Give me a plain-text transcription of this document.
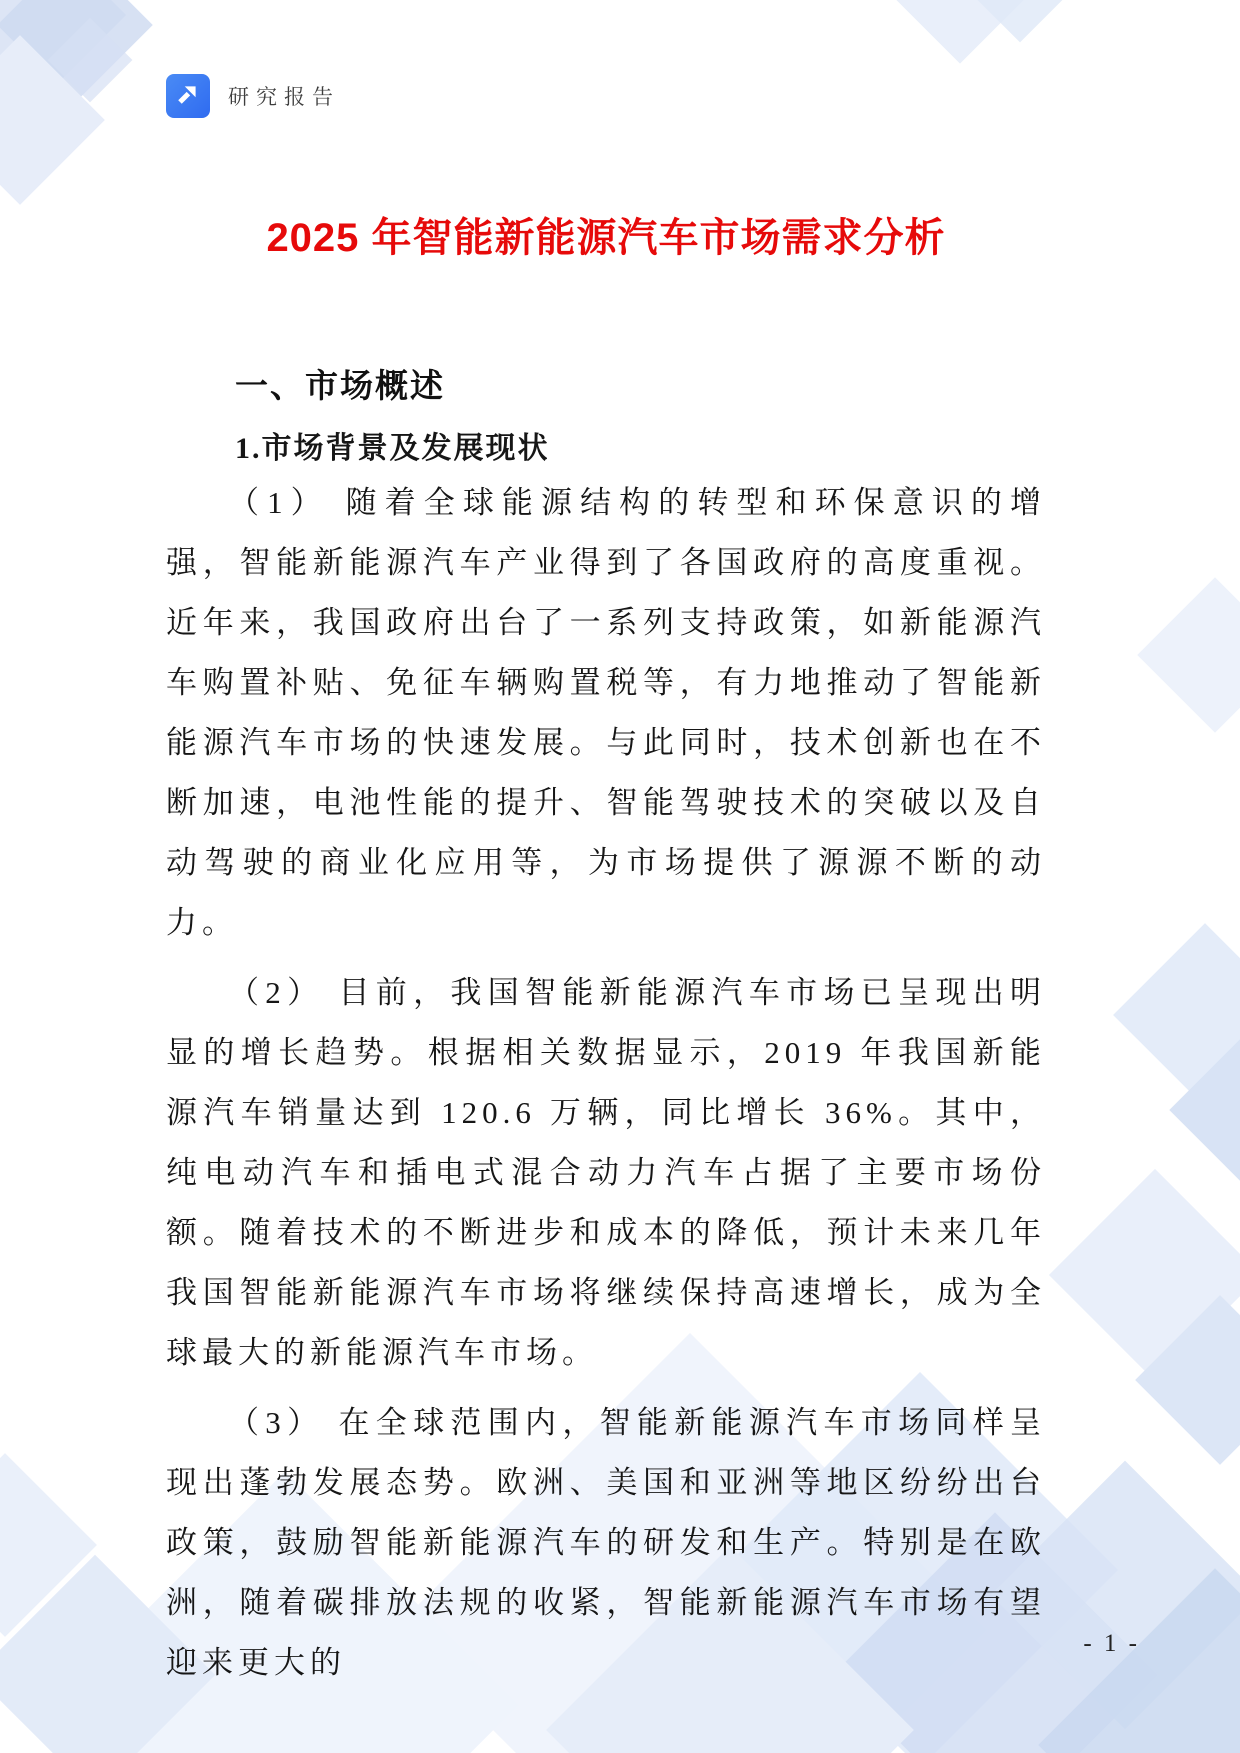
研究报告
2025 年智能新能源汽车市场需求分析
一、市场概述
1.市场背景及发展现状

（1） 随着全球能源结构的转型和环保意识的增强，智能新能源汽车产业得到了各国政府的高度重视。近年来，我国政府出台了一系列支持政策，如新能源汽车购置补贴、免征车辆购置税等，有力地推动了智能新能源汽车市场的快速发展。与此同时，技术创新也在不断加速，电池性能的提升、智能驾驶技术的突破以及自动驾驶的商业化应用等，为市场提供了源源不断的动力。

（2） 目前，我国智能新能源汽车市场已呈现出明显的增长趋势。根据相关数据显示，2019 年我国新能源汽车销量达到 120.6 万辆，同比增长 36%。其中，纯电动汽车和插电式混合动力汽车占据了主要市场份额。随着技术的不断进步和成本的降低，预计未来几年我国智能新能源汽车市场将继续保持高速增长，成为全球最大的新能源汽车市场。

（3） 在全球范围内，智能新能源汽车市场同样呈现出蓬勃发展态势。欧洲、美国和亚洲等地区纷纷出台政策，鼓励智能新能源汽车的研发和生产。特别是在欧洲，随着碳排放法规的收紧，智能新能源汽车市场有望迎来更大的

- 1 -
